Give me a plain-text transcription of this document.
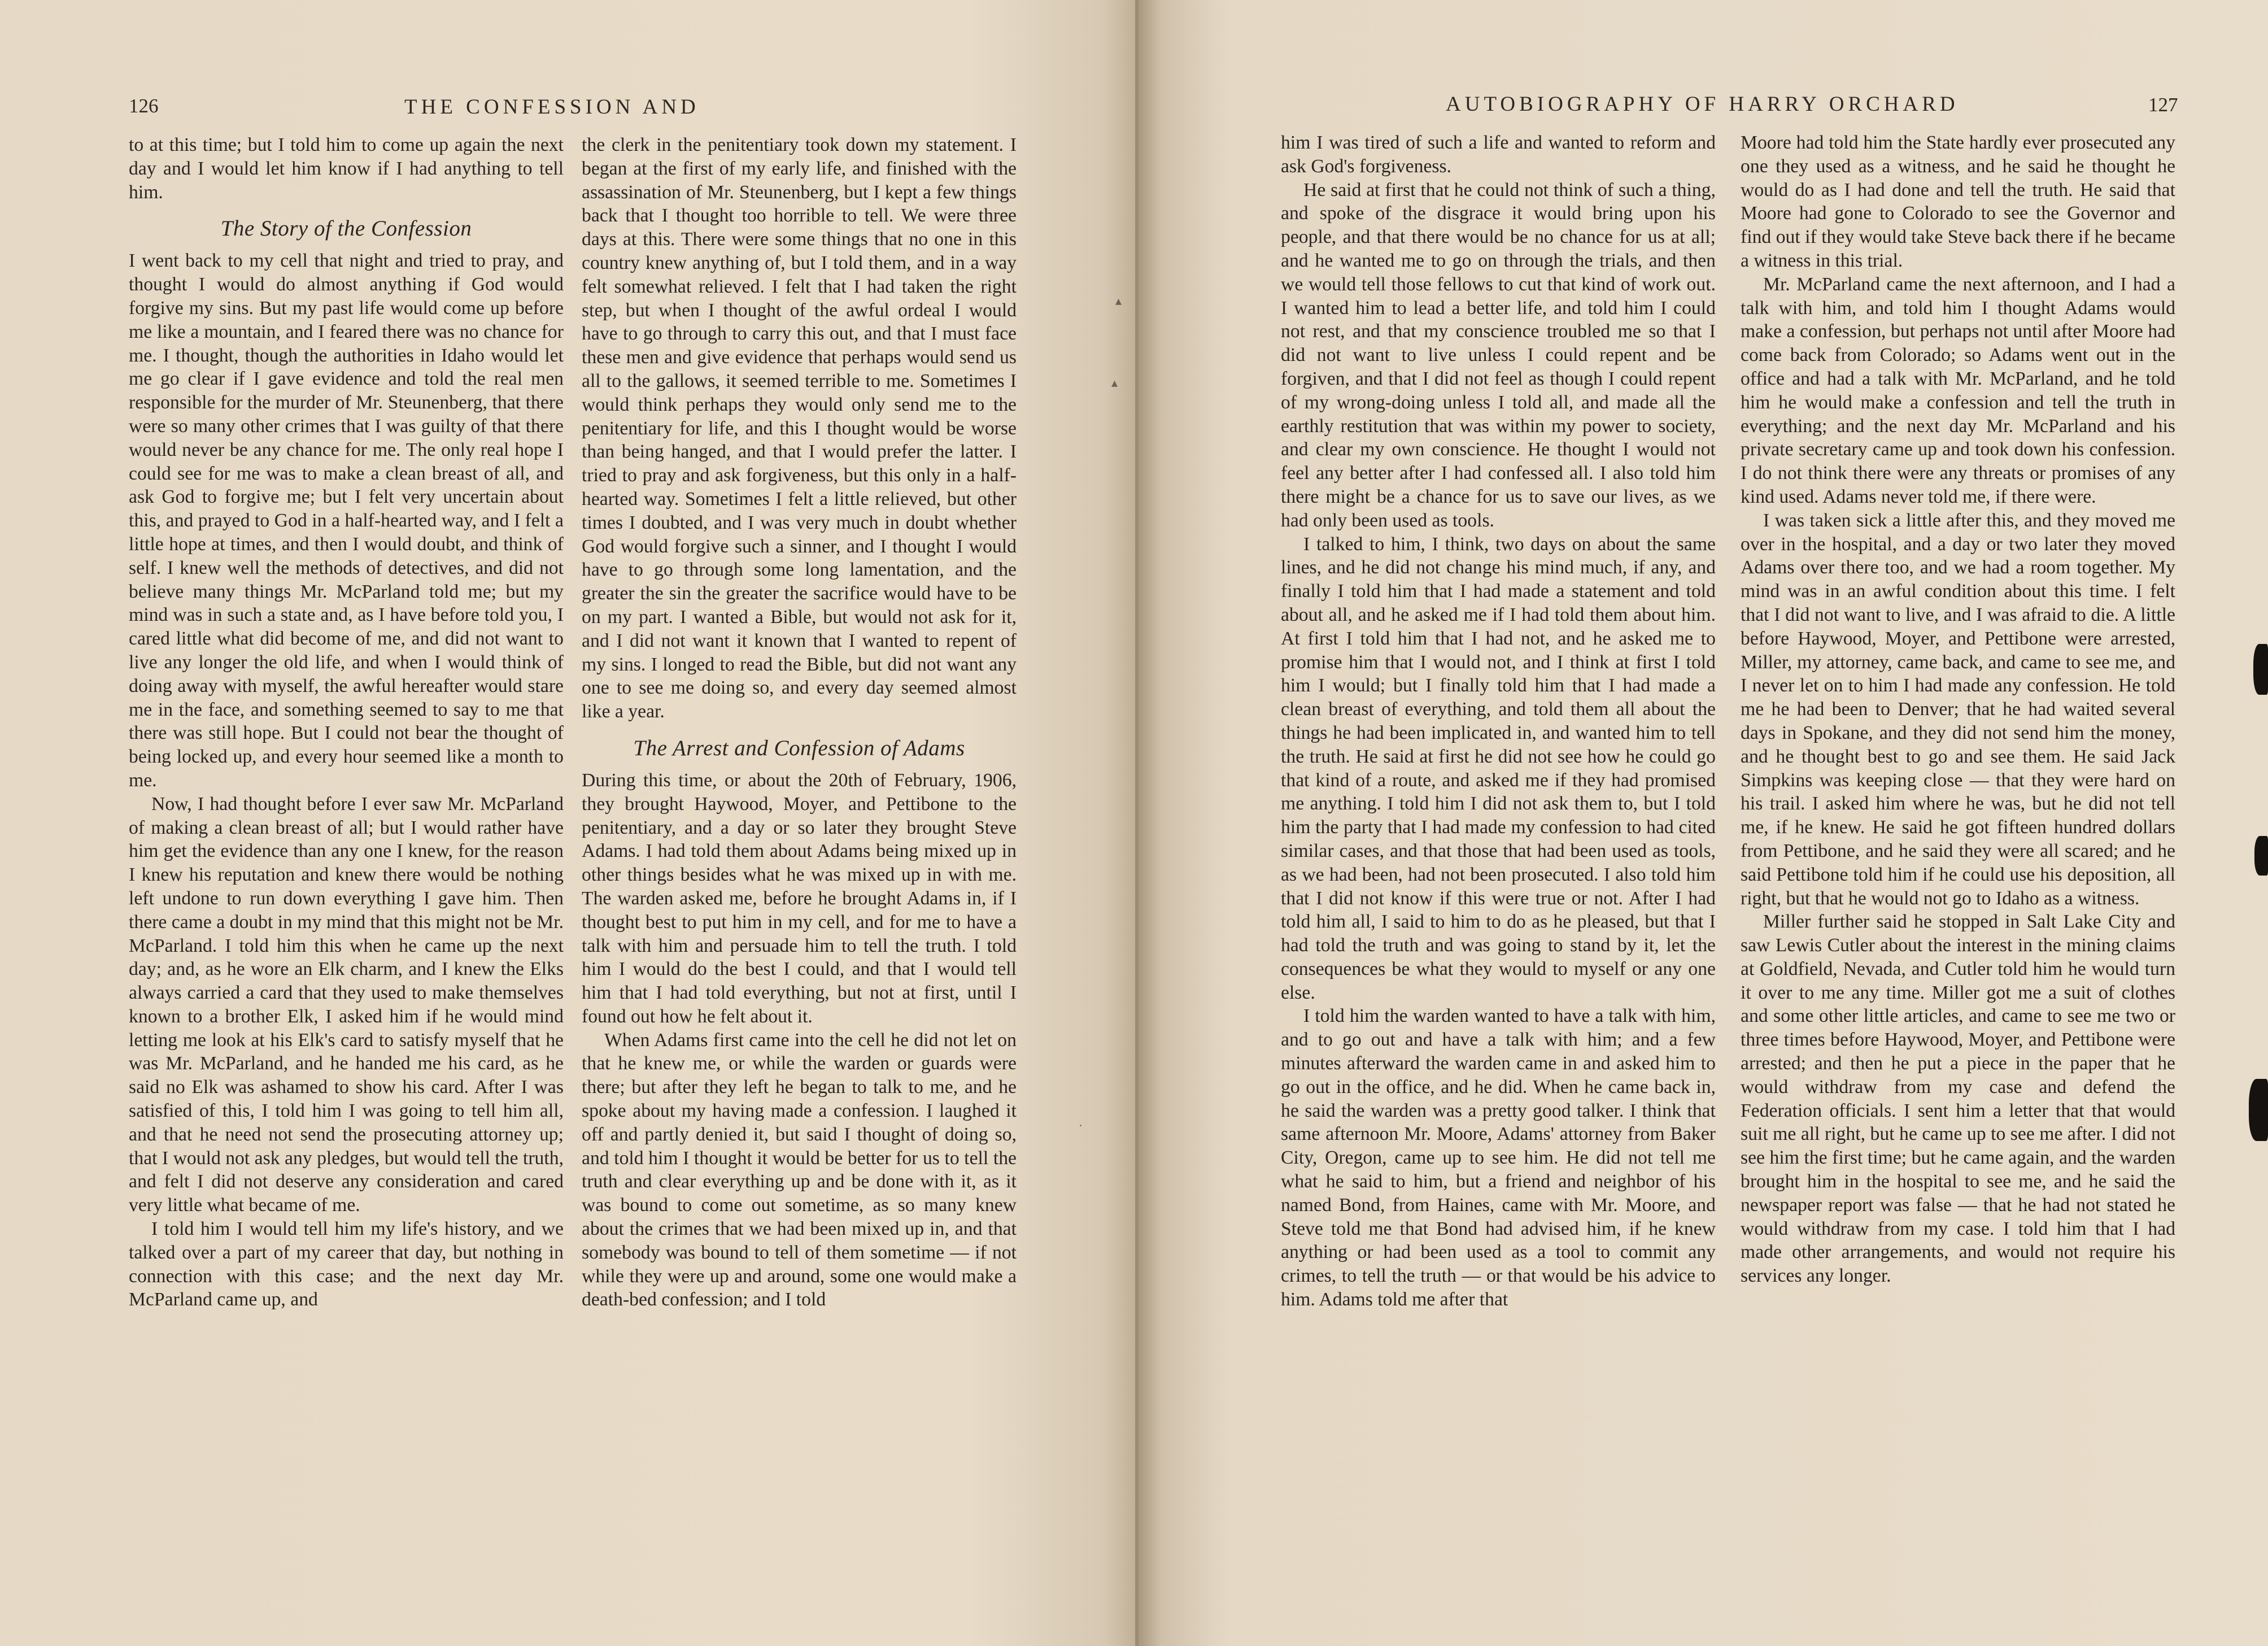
126	THE CONFESSION AND

to at this time; but I told him to come up again the next day and I would let him know if I had anything to tell him.

The Story of the Confession

I went back to my cell that night and tried to pray, and thought I would do almost anything if God would forgive my sins. But my past life would come up before me like a mountain, and I feared there was no chance for me. I thought, though the authorities in Idaho would let me go clear if I gave evidence and told the real men responsible for the murder of Mr. Steunenberg, that there were so many other crimes that I was guilty of that there would never be any chance for me. The only real hope I could see for me was to make a clean breast of all, and ask God to forgive me; but I felt very uncertain about this, and prayed to God in a half-hearted way, and I felt a little hope at times, and then I would doubt, and think of self. I knew well the methods of detectives, and did not believe many things Mr. McParland told me; but my mind was in such a state and, as I have before told you, I cared little what did become of me, and did not want to live any longer the old life, and when I would think of doing away with myself, the awful hereafter would stare me in the face, and something seemed to say to me that there was still hope. But I could not bear the thought of being locked up, and every hour seemed like a month to me.

Now, I had thought before I ever saw Mr. McParland of making a clean breast of all; but I would rather have him get the evidence than any one I knew, for the reason I knew his reputation and knew there would be nothing left undone to run down everything I gave him. Then there came a doubt in my mind that this might not be Mr. McParland. I told him this when he came up the next day; and, as he wore an Elk charm, and I knew the Elks always carried a card that they used to make themselves known to a brother Elk, I asked him if he would mind letting me look at his Elk's card to satisfy myself that he was Mr. McParland, and he handed me his card, as he said no Elk was ashamed to show his card. After I was satisfied of this, I told him I was going to tell him all, and that he need not send the prosecuting attorney up; that I would not ask any pledges, but would tell the truth, and felt I did not deserve any consideration and cared very little what became of me.

I told him I would tell him my life's history, and we talked over a part of my career that day, but nothing in connection with this case; and the next day Mr. McParland came up, and

the clerk in the penitentiary took down my statement. I began at the first of my early life, and finished with the assassination of Mr. Steunenberg, but I kept a few things back that I thought too horrible to tell. We were three days at this. There were some things that no one in this country knew anything of, but I told them, and in a way felt somewhat relieved. I felt that I had taken the right step, but when I thought of the awful ordeal I would have to go through to carry this out, and that I must face these men and give evidence that perhaps would send us all to the gallows, it seemed terrible to me. Sometimes I would think perhaps they would only send me to the penitentiary for life, and this I thought would be worse than being hanged, and that I would prefer the latter. I tried to pray and ask forgiveness, but this only in a half-hearted way. Sometimes I felt a little relieved, but other times I doubted, and I was very much in doubt whether God would forgive such a sinner, and I thought I would have to go through some long lamentation, and the greater the sin the greater the sacrifice would have to be on my part. I wanted a Bible, but would not ask for it, and I did not want it known that I wanted to repent of my sins. I longed to read the Bible, but did not want any one to see me doing so, and every day seemed almost like a year.

The Arrest and Confession of Adams

During this time, or about the 20th of February, 1906, they brought Haywood, Moyer, and Pettibone to the penitentiary, and a day or so later they brought Steve Adams. I had told them about Adams being mixed up in other things besides what he was mixed up in with me. The warden asked me, before he brought Adams in, if I thought best to put him in my cell, and for me to have a talk with him and persuade him to tell the truth. I told him I would do the best I could, and that I would tell him that I had told everything, but not at first, until I found out how he felt about it.

When Adams first came into the cell he did not let on that he knew me, or while the warden or guards were there; but after they left he began to talk to me, and he spoke about my having made a confession. I laughed it off and partly denied it, but said I thought of doing so, and told him I thought it would be better for us to tell the truth and clear everything up and be done with it, as it was bound to come out sometime, as so many knew about the crimes that we had been mixed up in, and that somebody was bound to tell of them sometime — if not while they were up and around, some one would make a death-bed confession; and I told

▴
▴
·
AUTOBIOGRAPHY OF HARRY ORCHARD	127

him I was tired of such a life and wanted to reform and ask God's forgiveness.

He said at first that he could not think of such a thing, and spoke of the disgrace it would bring upon his people, and that there would be no chance for us at all; and he wanted me to go on through the trials, and then we would tell those fellows to cut that kind of work out. I wanted him to lead a better life, and told him I could not rest, and that my conscience troubled me so that I did not want to live unless I could repent and be forgiven, and that I did not feel as though I could repent of my wrong-doing unless I told all, and made all the earthly restitution that was within my power to society, and clear my own conscience. He thought I would not feel any better after I had confessed all. I also told him there might be a chance for us to save our lives, as we had only been used as tools.

I talked to him, I think, two days on about the same lines, and he did not change his mind much, if any, and finally I told him that I had made a statement and told about all, and he asked me if I had told them about him. At first I told him that I had not, and he asked me to promise him that I would not, and I think at first I told him I would; but I finally told him that I had made a clean breast of everything, and told them all about the things he had been implicated in, and wanted him to tell the truth. He said at first he did not see how he could go that kind of a route, and asked me if they had promised me anything. I told him I did not ask them to, but I told him the party that I had made my confession to had cited similar cases, and that those that had been used as tools, as we had been, had not been prosecuted. I also told him that I did not know if this were true or not. After I had told him all, I said to him to do as he pleased, but that I had told the truth and was going to stand by it, let the consequences be what they would to myself or any one else.

I told him the warden wanted to have a talk with him, and to go out and have a talk with him; and a few minutes afterward the warden came in and asked him to go out in the office, and he did. When he came back in, he said the warden was a pretty good talker. I think that same afternoon Mr. Moore, Adams' attorney from Baker City, Oregon, came up to see him. He did not tell me what he said to him, but a friend and neighbor of his named Bond, from Haines, came with Mr. Moore, and Steve told me that Bond had advised him, if he knew anything or had been used as a tool to commit any crimes, to tell the truth — or that would be his advice to him. Adams told me after that

Moore had told him the State hardly ever prosecuted any one they used as a witness, and he said he thought he would do as I had done and tell the truth. He said that Moore had gone to Colorado to see the Governor and find out if they would take Steve back there if he became a witness in this trial.

Mr. McParland came the next afternoon, and I had a talk with him, and told him I thought Adams would make a confession, but perhaps not until after Moore had come back from Colorado; so Adams went out in the office and had a talk with Mr. McParland, and he told him he would make a confession and tell the truth in everything; and the next day Mr. McParland and his private secretary came up and took down his confession. I do not think there were any threats or promises of any kind used. Adams never told me, if there were.

I was taken sick a little after this, and they moved me over in the hospital, and a day or two later they moved Adams over there too, and we had a room together. My mind was in an awful condition about this time. I felt that I did not want to live, and I was afraid to die. A little before Haywood, Moyer, and Pettibone were arrested, Miller, my attorney, came back, and came to see me, and I never let on to him I had made any confession. He told me he had been to Denver; that he had waited several days in Spokane, and they did not send him the money, and he thought best to go and see them. He said Jack Simpkins was keeping close — that they were hard on his trail. I asked him where he was, but he did not tell me, if he knew. He said he got fifteen hundred dollars from Pettibone, and he said they were all scared; and he said Pettibone told him if he could use his deposition, all right, but that he would not go to Idaho as a witness.

Miller further said he stopped in Salt Lake City and saw Lewis Cutler about the interest in the mining claims at Goldfield, Nevada, and Cutler told him he would turn it over to me any time. Miller got me a suit of clothes and some other little articles, and came to see me two or three times before Haywood, Moyer, and Pettibone were arrested; and then he put a piece in the paper that he would withdraw from my case and defend the Federation officials. I sent him a letter that that would suit me all right, but he came up to see me after. I did not see him the first time; but he came again, and the warden brought him in the hospital to see me, and he said the newspaper report was false — that he had not stated he would withdraw from my case. I told him that I had made other arrangements, and would not require his services any longer.
